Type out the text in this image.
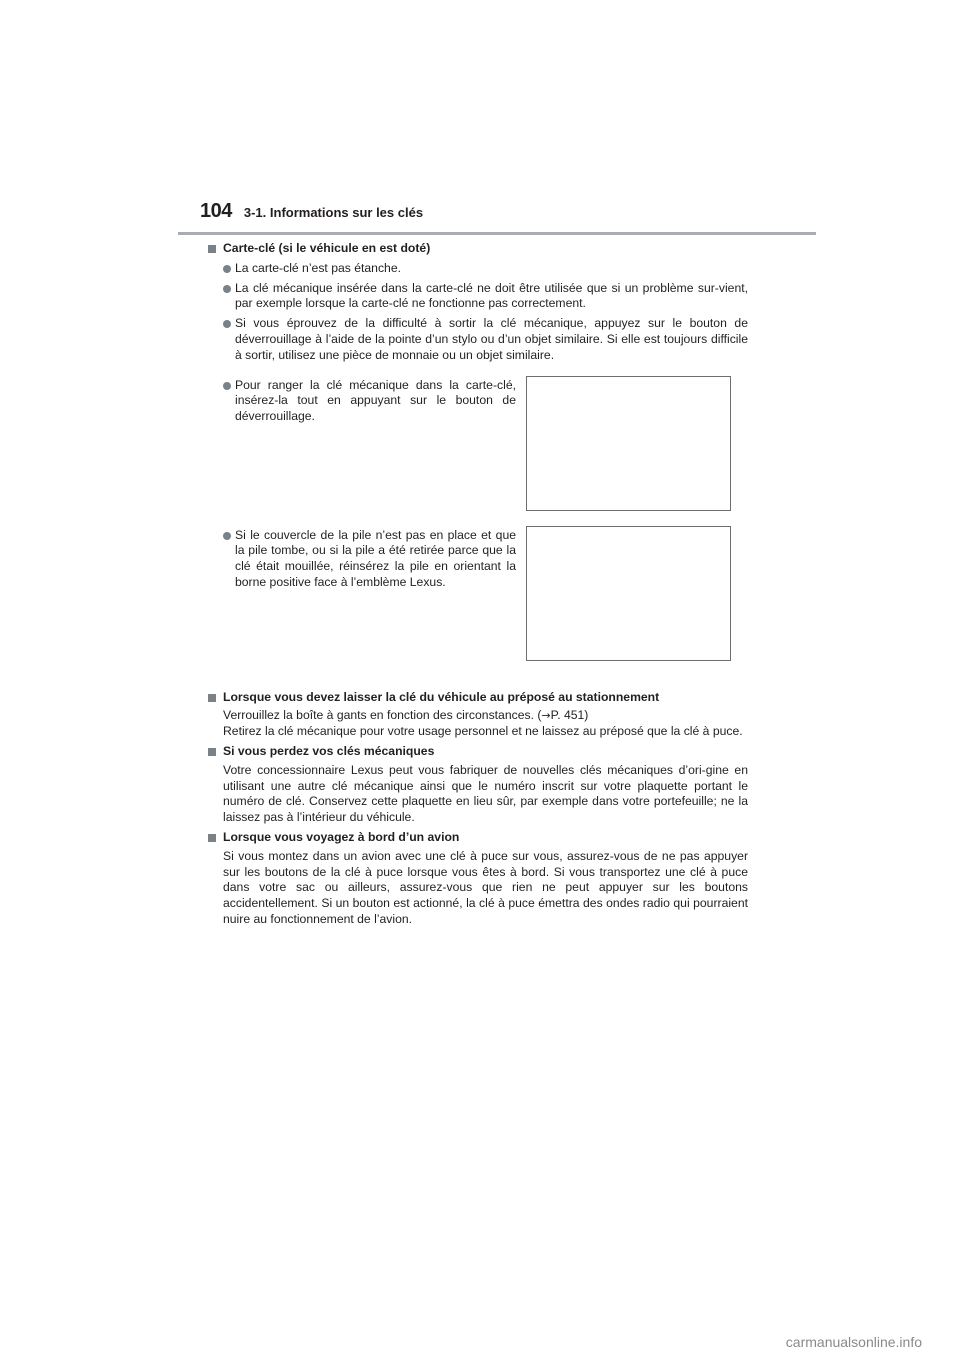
104 3-1. Informations sur les clés
Carte-clé (si le véhicule en est doté)
La carte-clé n’est pas étanche.
La clé mécanique insérée dans la carte-clé ne doit être utilisée que si un problème sur-vient, par exemple lorsque la carte-clé ne fonctionne pas correctement.
Si vous éprouvez de la difficulté à sortir la clé mécanique, appuyez sur le bouton de déverrouillage à l’aide de la pointe d’un stylo ou d’un objet similaire. Si elle est toujours difficile à sortir, utilisez une pièce de monnaie ou un objet similaire.
Pour ranger la clé mécanique dans la carte-clé, insérez-la tout en appuyant sur le bouton de déverrouillage.
Si le couvercle de la pile n’est pas en place et que la pile tombe, ou si la pile a été retirée parce que la clé était mouillée, réinsérez la pile en orientant la borne positive face à l’emblème Lexus.
Lorsque vous devez laisser la clé du véhicule au préposé au stationnement
Verrouillez la boîte à gants en fonction des circonstances. (→P. 451)
Retirez la clé mécanique pour votre usage personnel et ne laissez au préposé que la clé à puce.
Si vous perdez vos clés mécaniques
Votre concessionnaire Lexus peut vous fabriquer de nouvelles clés mécaniques d’ori-gine en utilisant une autre clé mécanique ainsi que le numéro inscrit sur votre plaquette portant le numéro de clé. Conservez cette plaquette en lieu sûr, par exemple dans votre portefeuille; ne la laissez pas à l’intérieur du véhicule.
Lorsque vous voyagez à bord d’un avion
Si vous montez dans un avion avec une clé à puce sur vous, assurez-vous de ne pas appuyer sur les boutons de la clé à puce lorsque vous êtes à bord. Si vous transportez une clé à puce dans votre sac ou ailleurs, assurez-vous que rien ne peut appuyer sur les boutons accidentellement. Si un bouton est actionné, la clé à puce émettra des ondes radio qui pourraient nuire au fonctionnement de l’avion.
carmanualsonline.info
